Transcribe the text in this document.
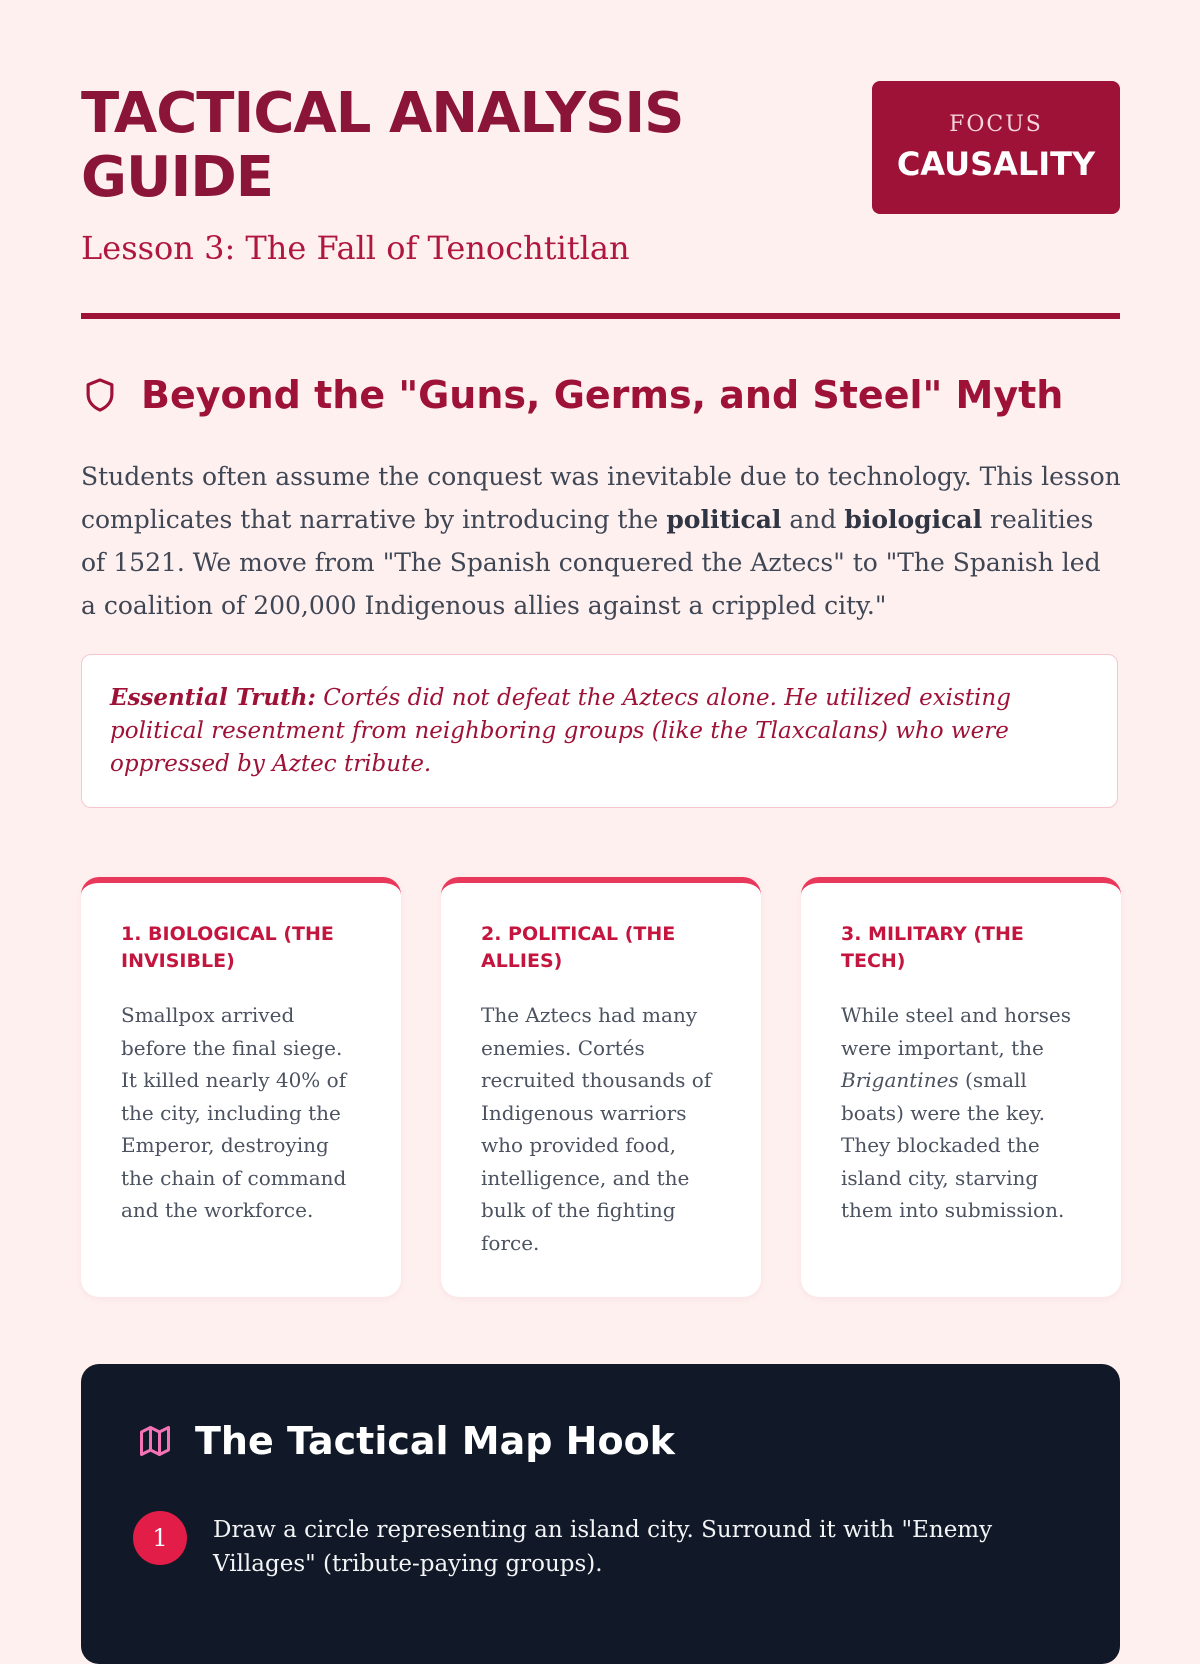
TACTICAL ANALYSIS GUIDE

Lesson 3: The Fall of Tenochtitlan

FOCUS
CAUSALITY
Beyond the "Guns, Germs, and Steel" Myth

Students often assume the conquest was inevitable due to technology. This lesson complicates that narrative by introducing the political and biological realities of 1521. We move from "The Spanish conquered the Aztecs" to "The Spanish led a coalition of 200,000 Indigenous allies against a crippled city."

Essential Truth: Cortés did not defeat the Aztecs alone. He utilized existing political resentment from neighboring groups (like the Tlaxcalans) who were oppressed by Aztec tribute.
1. BIOLOGICAL (THE INVISIBLE)

Smallpox arrived before the final siege. It killed nearly 40% of the city, including the Emperor, destroying the chain of command and the workforce.

2. POLITICAL (THE ALLIES)

The Aztecs had many enemies. Cortés recruited thousands of Indigenous warriors who provided food, intelligence, and the bulk of the fighting force.

3. MILITARY (THE TECH)

While steel and horses were important, the Brigantines (small boats) were the key. They blockaded the island city, starving them into submission.

The Tactical Map Hook
1	Draw a circle representing an island city. Surround it with "Enemy Villages" (tribute-paying groups).
